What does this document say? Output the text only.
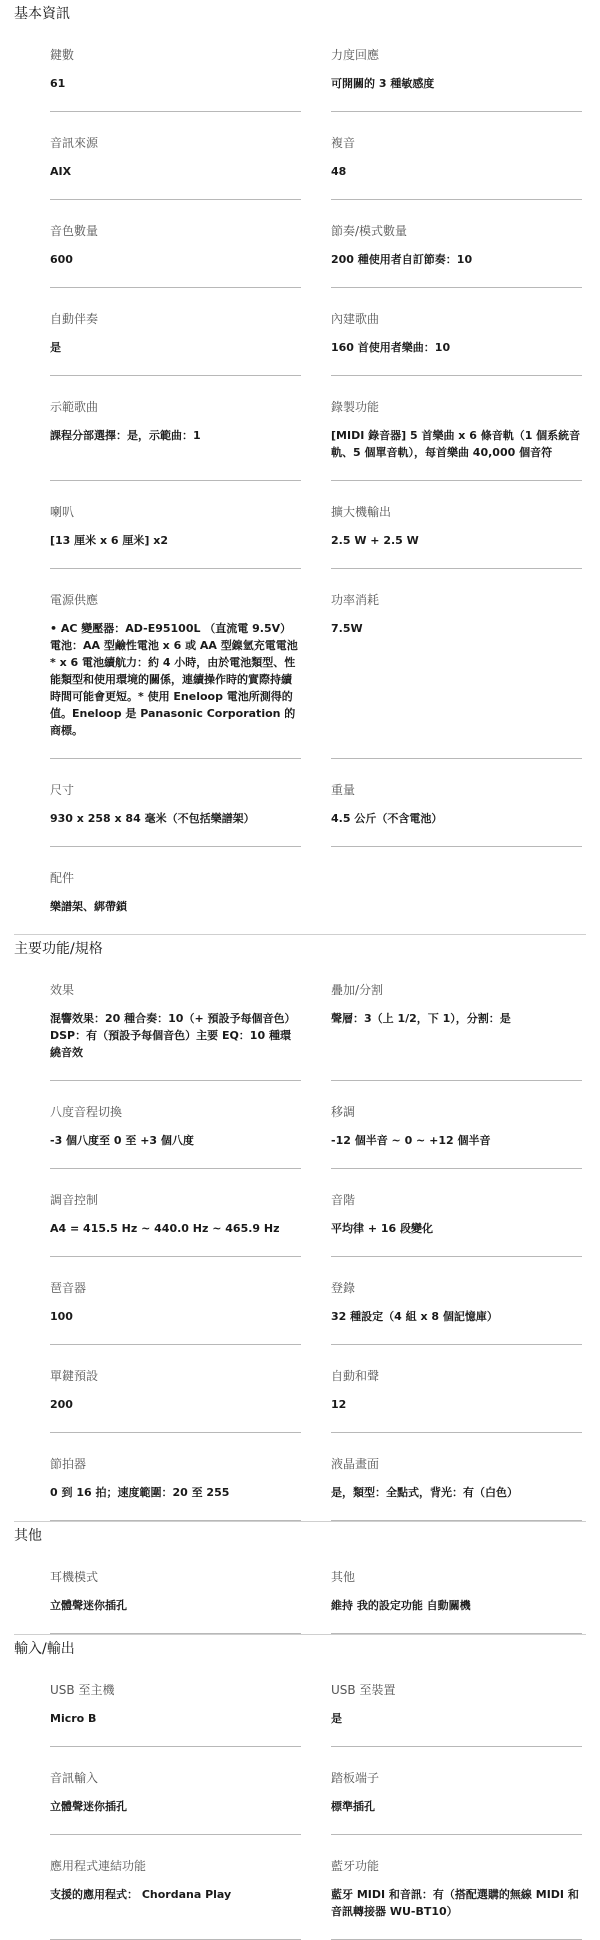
基本資訊
鍵數
61
力度回應
可開關的 3 種敏感度
音訊來源
AIX
複音
48
音色數量
600
節奏/模式數量
200 種使用者自訂節奏：10
自動伴奏
是
內建歌曲
160 首使用者樂曲：10
示範歌曲
課程分部選擇：是，示範曲：1
錄製功能
[MIDI 錄音器] 5 首樂曲 x 6 條音軌（1 個系統音軌、5 個單音軌），每首樂曲 40,000 個音符
喇叭
[13 厘米 x 6 厘米] x2
擴大機輸出
2.5 W + 2.5 W
電源供應
• AC 變壓器：AD-E95100L （直流電 9.5V）電池：AA 型鹼性電池 x 6 或 AA 型鎳氫充電電池 * x 6 電池續航力：約 4 小時，由於電池類型、性能類型和使用環境的關係，連續操作時的實際持續時間可能會更短。* 使用 Eneloop 電池所測得的值。Eneloop 是 Panasonic Corporation 的商標。
功率消耗
7.5W
尺寸
930 x 258 x 84 毫米（不包括樂譜架）
重量
4.5 公斤（不含電池）
配件
樂譜架、綁帶鎖
主要功能/規格
效果
混響效果：20 種合奏：10（+ 預設予每個音色）DSP：有（預設予每個音色）主要 EQ：10 種環繞音效
疊加/分割
聲層：3（上 1/2，下 1），分割：是
八度音程切換
-3 個八度至 0 至 +3 個八度
移調
-12 個半音 ~ 0 ~ +12 個半音
調音控制
A4 = 415.5 Hz ~ 440.0 Hz ~ 465.9 Hz
音階
平均律 + 16 段變化
琶音器
100
登錄
32 種設定（4 組 x 8 個記憶庫）
單鍵預設
200
自動和聲
12
節拍器
0 到 16 拍；速度範圍：20 至 255
液晶畫面
是，類型：全點式，背光：有（白色）
其他
耳機模式
立體聲迷你插孔
其他
維持 我的設定功能 自動關機
輸入/輸出
USB 至主機
Micro B
USB 至裝置
是
音訊輸入
立體聲迷你插孔
踏板端子
標準插孔
應用程式連結功能
支援的應用程式： Chordana Play
藍牙功能
藍牙 MIDI 和音訊：有（搭配選購的無線 MIDI 和音訊轉接器 WU-BT10）
